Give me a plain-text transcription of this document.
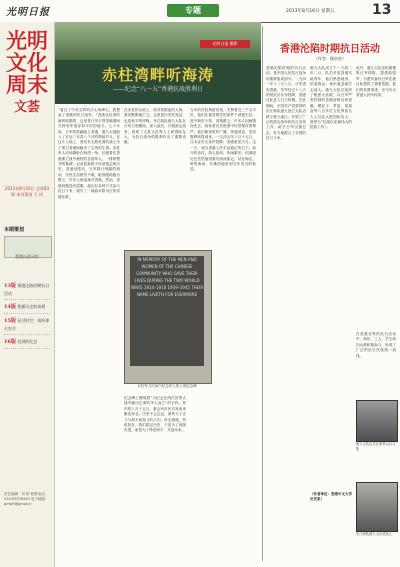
光明日报	专题	2013年8月16日 星期五	13
光明文化周末
文荟
2013年8月16日 总第43期 本刊策划 王 玮
本期策划
香港抗战寻踪
13版 香港沦陷时期抗日活动
14版 把握历史的真相
15版 穿过时空：再听烽火岁月
16版 迟到的纪念
责任编辑：刘 彬 联系电话：010-67078430 电子邮箱：gmwh@gmw.cn
光明日报 摄影
赤柱湾畔听海涛
——纪念“八一五”香港抗战胜利日
“看过了中英交界的沙头角碑石，我想起了香港的抗日战争。”香港赤柱湾的海风吹拂着，这里是日军占领香港期间关押英军战俘和平民的地方。七十年前，日军的铁蹄踏上香港，港九大地陷入了长达三年零八个月的黑暗岁月。在这片土地上，曾经有无数英勇的战士为了保卫香港而献出了宝贵的生命。赤柱军人坟场静卧在海湾一角，长眠着在香港保卫战中牺牲的各国军人。一排排整齐的墓碑，记录着那段不应被遗忘的历史。香港沦陷后，日军推行残酷的统治，市民生活困苦不堪，粮食配给极为匮乏，许多人被迫离开香港。然而，香港同胞没有屈服，他们以各种方式参与抗日斗争，谱写了一曲曲可歌可泣的英雄壮歌。
在赤柱的山坡上，面对着蔚蓝的大海，我们默默地伫立。这里是历史的见证，也是和平的呼唤。东江纵队港九大队在日军占领期间，深入敌后，开展游击战争，营救了大批文化界人士和国际友人，为抗日战争的胜利作出了重要贡献。
IN MEMORY OF THE MEN AND WOMEN OF THE CHINESE COMMUNITY WHO GAVE THEIR LIVES DURING THE TWO WORLD WARS 1914–1918 1939–1945 THEIR NAME LIVETH FOR EVERMORE
赤柱军人坟场中纪念华人将士的纪念碑
纪念碑上镌刻着“为纪念在两次世界大战中献出生命的华人而立”的字样。每年的八月十五日，都会有市民自发前来献花悼念。历史不会忘记，那些为了正义与和平而战斗的人们。时光流逝，伤痕犹在，我们铭记历史，不是为了延续仇恨，而是为了珍爱和平、开创未来。
当年的赤柱拘留营里，关押着近三千名平民，他们在极其艰苦的条件下顽强生存。营中缺医少药，食物匮乏，许多人因病饿而死去。拘留者们在绝望中仍然保持着尊严，他们秘密收听广播，传递消息，坚信胜利终将到来。一九四五年八月十五日，日本宣布无条件投降，香港重见天日。这一天，成为香港人民永远铭记的日子。如今的赤柱，游人如织，热闹繁华，但那段历史依然值得我们深深铭记。站在海边，聆听海涛，仿佛仍能听到当年英灵的低语。
香港沦陷时期抗日活动
（作者：顾泉泉）
香港沦陷时期的抗日活动，是中国人民抗日战争的重要组成部分。一九四一年十二月八日，日军进攻香港，英军经过十八天的抵抗后宣布投降，香港从此进入日占时期。在此期间，中国共产党领导的东江纵队港九独立大队活跃于港九地区，开展了广泛的游击战争和抗日宣传工作，给予日军沉重打击，有力地配合了全国的抗日斗争。
港九大队成立于一九四二年二月，队员多是香港本地青年，他们熟悉地形，依靠群众，神出鬼没地打击敌人。港九大队还组织了秘密大营救，从日军严密控制的香港营救出何香凝、柳亚子、茅盾、邹韬奋等八百多位文化界知名人士以及大批国际友人，被誉为“抗战以来最伟大的抢救工作”。
此外，港九大队还积极搜集日军情报，提供给盟军，为盟军轰炸日军在港目标提供了重要依据。他们的英勇事迹，至今仍为香港人民所传颂。
在香港各界的抗日活动中，海员、工人、学生和妇女都积极参与，形成了广泛的抗日民族统一战线。
（作者单位：香港中文大学历史系）
港九大队队员在新界山区合影
东江纵队港九大队老战士
